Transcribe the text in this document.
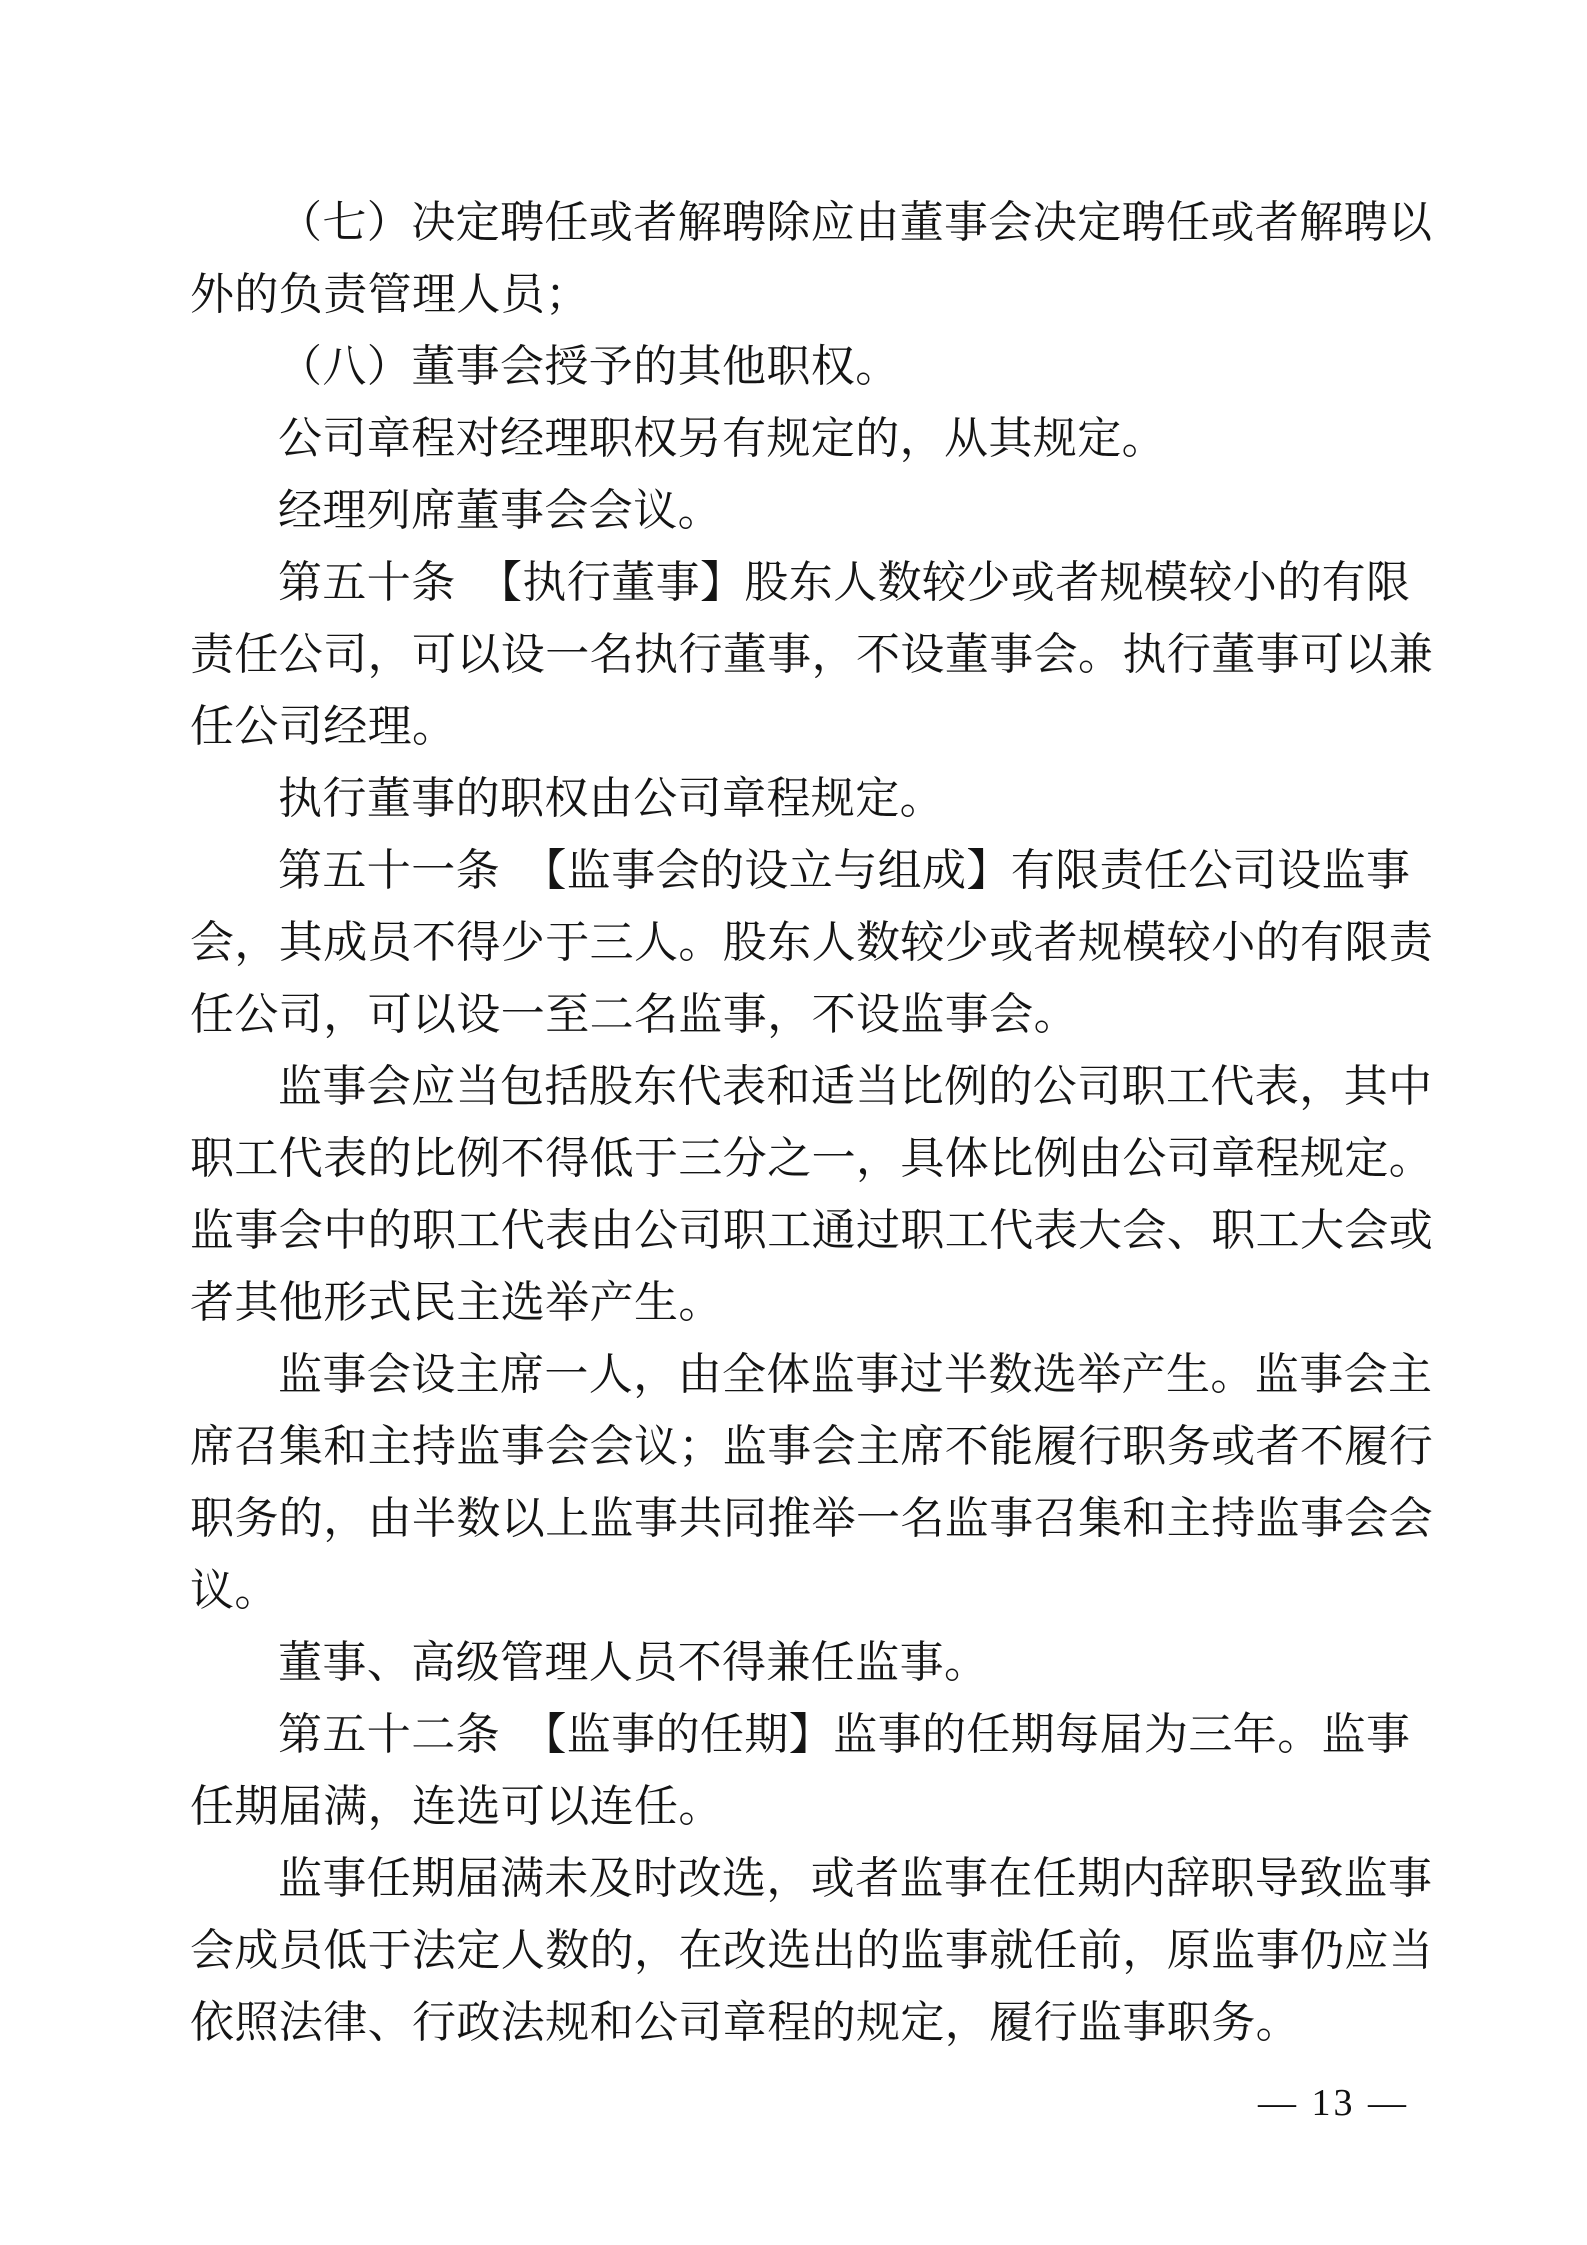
（七）决定聘任或者解聘除应由董事会决定聘任或者解聘以
外的负责管理人员；
（八）董事会授予的其他职权。
公司章程对经理职权另有规定的，从其规定。
经理列席董事会会议。
第五十条　【执行董事】股东人数较少或者规模较小的有限
责任公司，可以设一名执行董事，不设董事会。执行董事可以兼
任公司经理。
执行董事的职权由公司章程规定。
第五十一条　【监事会的设立与组成】有限责任公司设监事
会，其成员不得少于三人。股东人数较少或者规模较小的有限责
任公司，可以设一至二名监事，不设监事会。
监事会应当包括股东代表和适当比例的公司职工代表，其中
职工代表的比例不得低于三分之一，具体比例由公司章程规定。
监事会中的职工代表由公司职工通过职工代表大会、职工大会或
者其他形式民主选举产生。
监事会设主席一人，由全体监事过半数选举产生。监事会主
席召集和主持监事会会议；监事会主席不能履行职务或者不履行
职务的，由半数以上监事共同推举一名监事召集和主持监事会会
议。
董事、高级管理人员不得兼任监事。
第五十二条　【监事的任期】监事的任期每届为三年。监事
任期届满，连选可以连任。
监事任期届满未及时改选，或者监事在任期内辞职导致监事
会成员低于法定人数的，在改选出的监事就任前，原监事仍应当
依照法律、行政法规和公司章程的规定，履行监事职务。
— 13 —
